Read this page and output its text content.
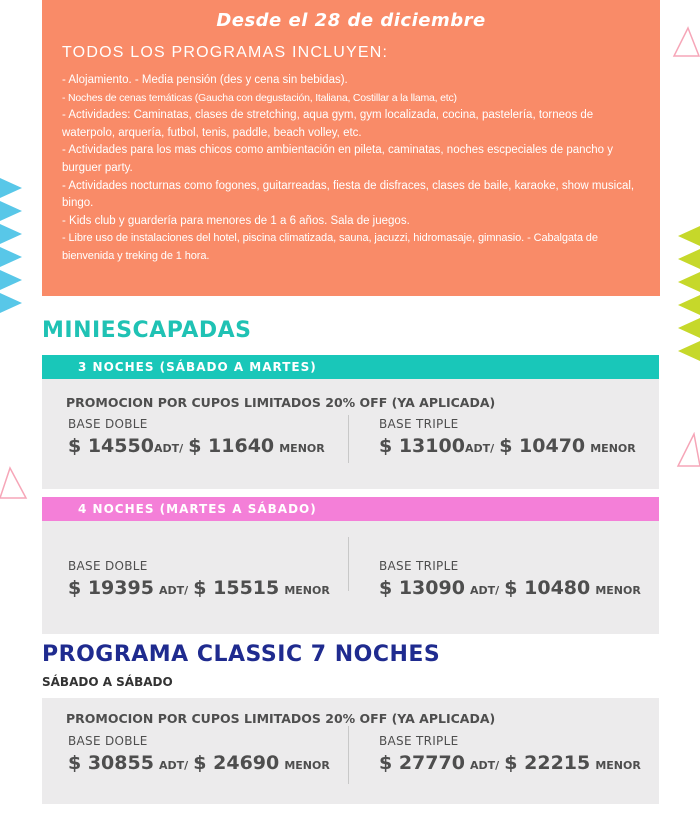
Desde el 28 de diciembre
TODOS LOS PROGRAMAS INCLUYEN:
- Alojamiento. - Media pensión (des y cena sin bebidas).
- Noches de cenas temáticas (Gaucha con degustación, Italiana, Costillar a la llama, etc)
- Actividades: Caminatas, clases de stretching, aqua gym, gym localizada, cocina, pastelería, torneos de waterpolo, arquería, futbol, tenis, paddle, beach volley, etc.
- Actividades para los mas chicos como ambientación en pileta, caminatas, noches escpeciales de pancho y burguer party.
- Actividades nocturnas como fogones, guitarreadas, fiesta de disfraces, clases de baile, karaoke, show musical, bingo.
- Kids club y guardería para menores de 1 a 6 años. Sala de juegos.
- Libre uso de instalaciones del hotel, piscina climatizada, sauna, jacuzzi, hidromasaje, gimnasio. - Cabalgata de bienvenida y treking de 1 hora.
MINIESCAPADAS
3 NOCHES (SÁBADO A MARTES)
PROMOCION POR CUPOS LIMITADOS 20% OFF (YA APLICADA)
BASE DOBLE
$ 14550ADT/ $ 11640 MENOR
BASE TRIPLE
$ 13100ADT/ $ 10470 MENOR
4 NOCHES (MARTES A SÁBADO)
BASE DOBLE
$ 19395 ADT/ $ 15515 MENOR
BASE TRIPLE
$ 13090 ADT/ $ 10480 MENOR
PROGRAMA CLASSIC 7 NOCHES
SÁBADO A SÁBADO
PROMOCION POR CUPOS LIMITADOS 20% OFF (YA APLICADA)
BASE DOBLE
$ 30855 ADT/ $ 24690 MENOR
BASE TRIPLE
$ 27770 ADT/ $ 22215 MENOR
